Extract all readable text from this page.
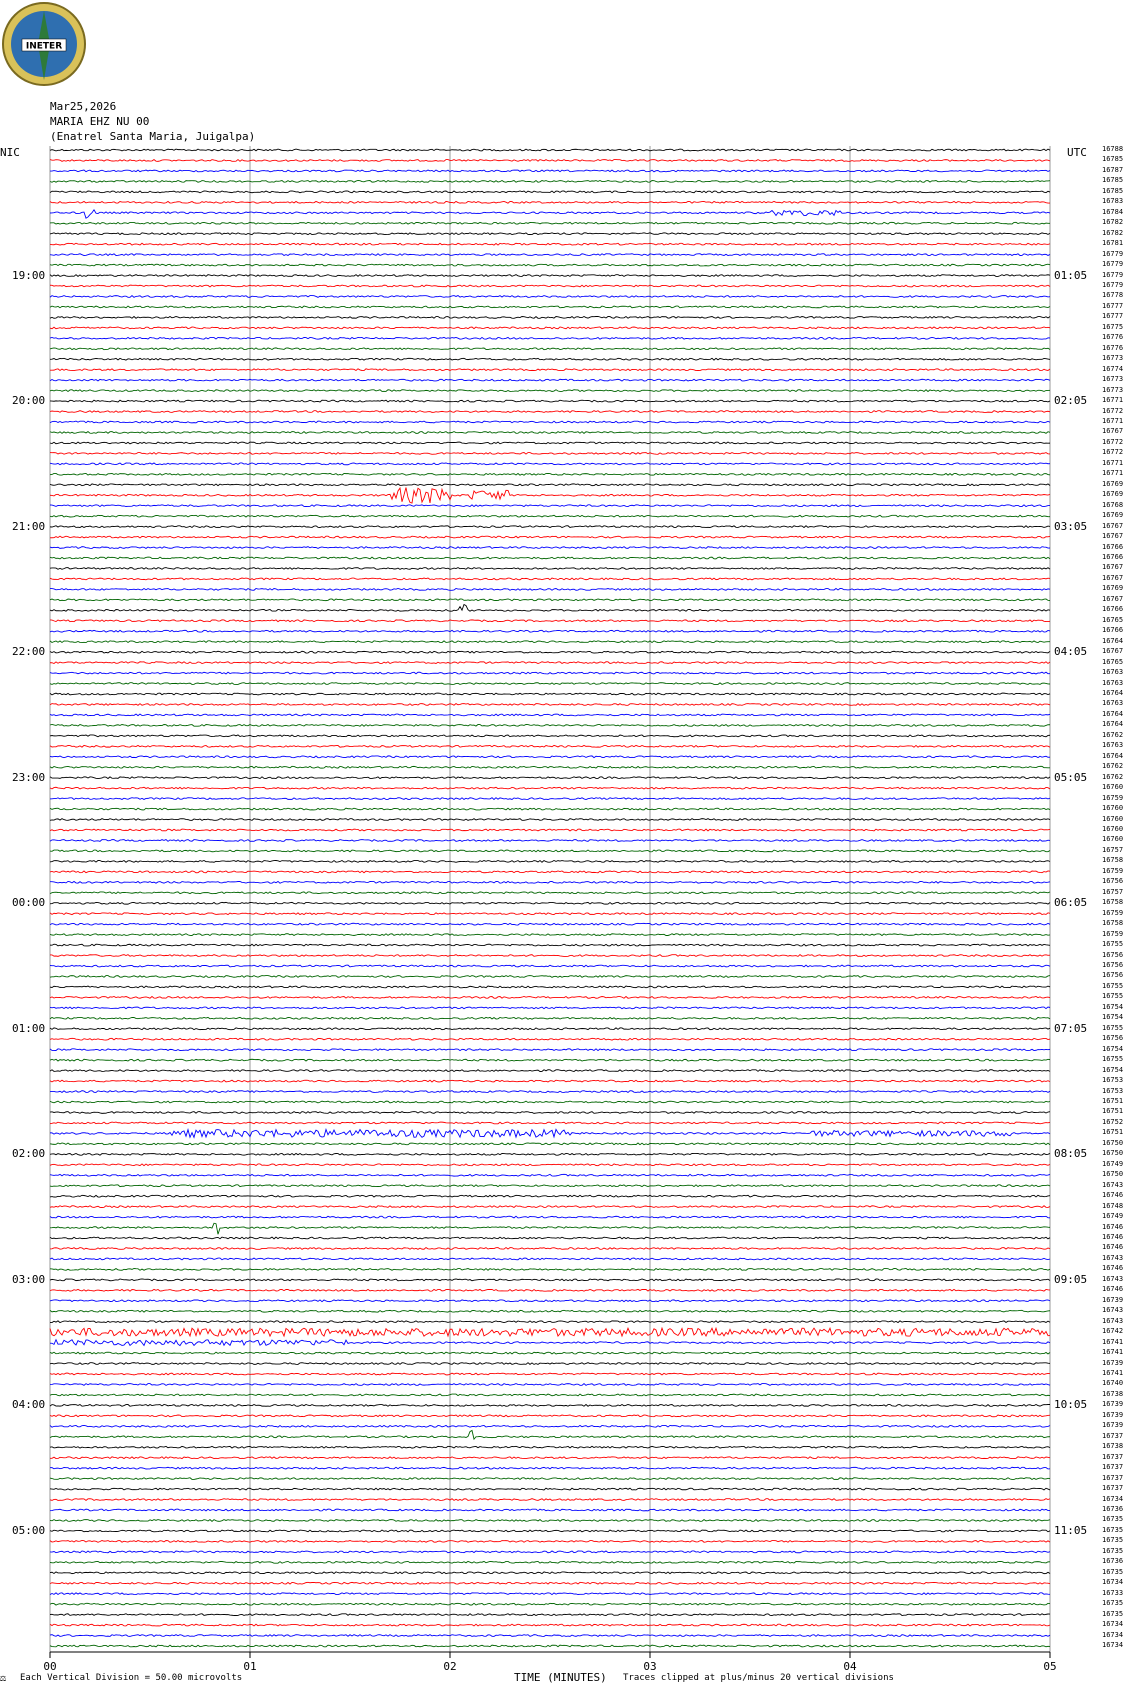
00	01	02	03	04	05
INETER
Mar25,2026
MARIA EHZ NU 00
(Enatrel Santa Maria, Juigalpa)
NIC	UTC
19:00
20:00
21:00
22:00
23:00
00:00
01:00
02:00
03:00
04:00
05:00
01:05
02:05
03:05
04:05
05:05
06:05
07:05
08:05
09:05
10:05
11:05
16788
16785
16787
16785
16785
16783
16784
16782
16782
16781
16779
16779
16779
16779
16778
16777
16777
16775
16776
16776
16773
16774
16773
16773
16771
16772
16771
16767
16772
16772
16771
16771
16769
16769
16768
16769
16767
16767
16766
16766
16767
16767
16769
16767
16766
16765
16766
16764
16767
16765
16763
16763
16764
16763
16764
16764
16762
16763
16764
16762
16762
16760
16759
16760
16760
16760
16760
16757
16758
16759
16756
16757
16758
16759
16758
16759
16755
16756
16756
16756
16755
16755
16754
16754
16755
16756
16754
16755
16754
16753
16753
16751
16751
16752
16751
16750
16750
16749
16750
16743
16746
16748
16749
16746
16746
16746
16743
16746
16743
16746
16739
16743
16743
16742
16741
16741
16739
16741
16740
16738
16739
16739
16739
16737
16738
16737
16737
16737
16737
16734
16736
16735
16735
16735
16735
16736
16735
16734
16733
16735
16735
16734
16734
16734
⚖ Each Vertical Division = 50.00 microvolts	TIME (MINUTES) Traces clipped at plus/minus 20 vertical divisions
